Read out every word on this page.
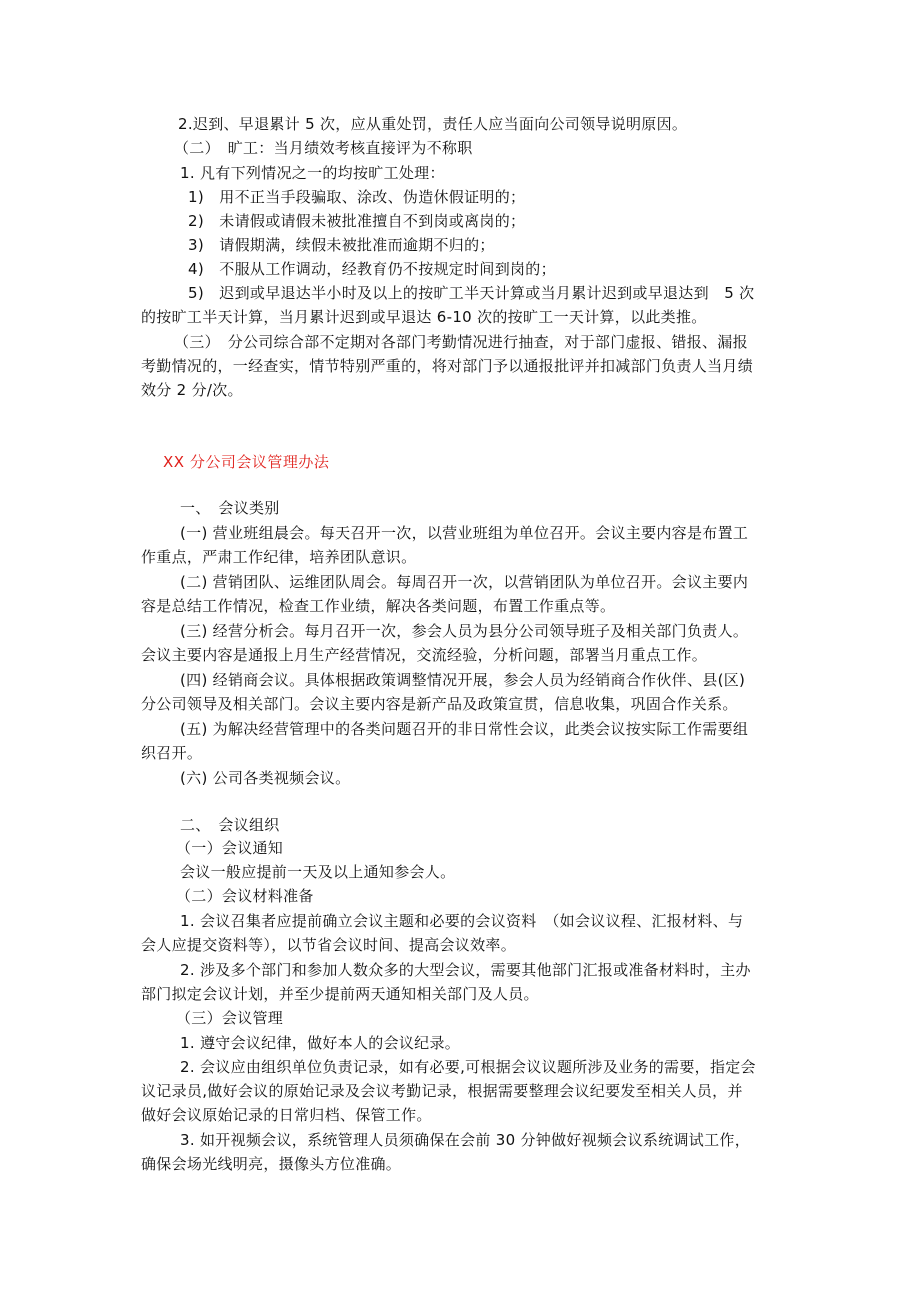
2.迟到、早退累计 5 次，应从重处罚，责任人应当面向公司领导说明原因。
（二）　旷工：当月绩效考核直接评为不称职
1. 凡有下列情况之一的均按旷工处理：
1)　用不正当手段骗取、涂改、伪造休假证明的；
2)　未请假或请假未被批准擅自不到岗或离岗的；
3)　请假期满，续假未被批准而逾期不归的；
4)　不服从工作调动，经教育仍不按规定时间到岗的；
5)　迟到或早退达半小时及以上的按旷工半天计算或当月累计迟到或早退达到　5 次
的按旷工半天计算，当月累计迟到或早退达 6-10 次的按旷工一天计算，以此类推。
（三）　分公司综合部不定期对各部门考勤情况进行抽查，对于部门虚报、错报、漏报
考勤情况的，一经查实，情节特别严重的，将对部门予以通报批评并扣减部门负责人当月绩
效分 2 分/次。
XX 分公司会议管理办法
一、　会议类别
(一) 营业班组晨会。每天召开一次，以营业班组为单位召开。会议主要内容是布置工
作重点，严肃工作纪律，培养团队意识。
(二) 营销团队、运维团队周会。每周召开一次，以营销团队为单位召开。会议主要内
容是总结工作情况，检查工作业绩，解决各类问题，布置工作重点等。
(三) 经营分析会。每月召开一次，参会人员为县分公司领导班子及相关部门负责人。
会议主要内容是通报上月生产经营情况，交流经验，分析问题，部署当月重点工作。
(四) 经销商会议。具体根据政策调整情况开展，参会人员为经销商合作伙伴、县(区)
分公司领导及相关部门。会议主要内容是新产品及政策宣贯，信息收集，巩固合作关系。
(五) 为解决经营管理中的各类问题召开的非日常性会议，此类会议按实际工作需要组
织召开。
(六) 公司各类视频会议。
二、　会议组织
（一）会议通知
会议一般应提前一天及以上通知参会人。
（二）会议材料准备
1. 会议召集者应提前确立会议主题和必要的会议资料　（如会议议程、汇报材料、与
会人应提交资料等），以节省会议时间、提高会议效率。
2. 涉及多个部门和参加人数众多的大型会议，需要其他部门汇报或准备材料时，主办
部门拟定会议计划，并至少提前两天通知相关部门及人员。
（三）会议管理
1. 遵守会议纪律，做好本人的会议纪录。
2. 会议应由组织单位负责记录，如有必要,可根据会议议题所涉及业务的需要，指定会
议记录员,做好会议的原始记录及会议考勤记录，根据需要整理会议纪要发至相关人员，并
做好会议原始记录的日常归档、保管工作。
3. 如开视频会议，系统管理人员须确保在会前 30 分钟做好视频会议系统调试工作，
确保会场光线明亮，摄像头方位准确。
